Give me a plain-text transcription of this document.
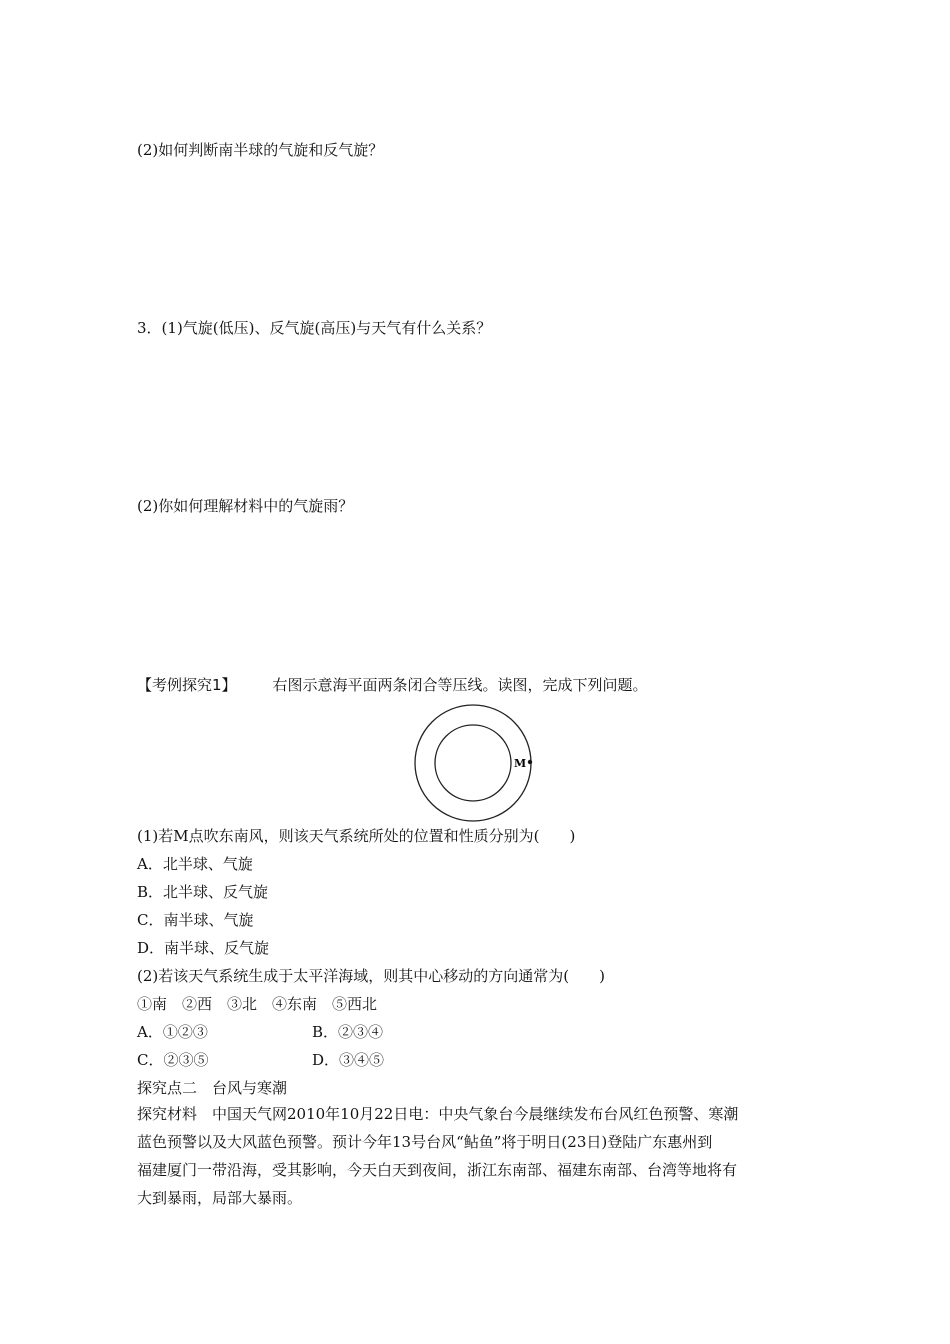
(2)如何判断南半球的气旋和反气旋？
3．(1)气旋(低压)、反气旋(高压)与天气有什么关系？
(2)你如何理解材料中的气旋雨？
【考例探究1】 右图示意海平面两条闭合等压线。读图，完成下列问题。
M
(1)若M点吹东南风，则该天气系统所处的位置和性质分别为(　　)
A．北半球、气旋
B．北半球、反气旋
C．南半球、气旋
D．南半球、反气旋
(2)若该天气系统生成于太平洋海域，则其中心移动的方向通常为(　　)
①南　②西　③北　④东南　⑤西北
A．①②③	B．②③④
C．②③⑤	D．③④⑤
探究点二　台风与寒潮
探究材料　中国天气网2010年10月22日电：中央气象台今晨继续发布台风红色预警、寒潮
蓝色预警以及大风蓝色预警。预计今年13号台风“鲇鱼”将于明日(23日)登陆广东惠州到
福建厦门一带沿海，受其影响，今天白天到夜间，浙江东南部、福建东南部、台湾等地将有
大到暴雨，局部大暴雨。
